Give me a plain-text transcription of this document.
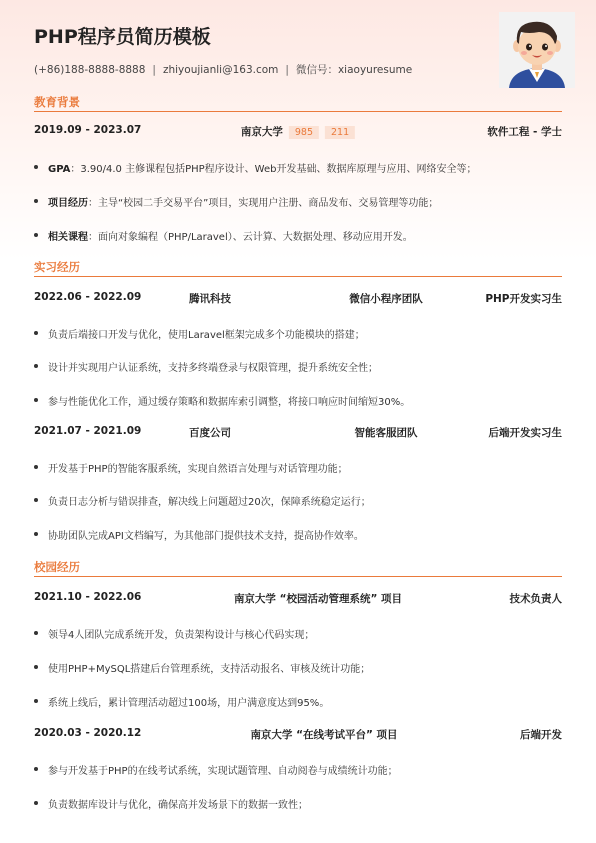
PHP程序员简历模板
(+86)188-8888-8888 | zhiyoujianli@163.com | 微信号：xiaoyuresume
教育背景
2019.09 - 2023.07	南京大学 985 211	软件工程 - 学士
GPA：3.90/4.0 主修课程包括PHP程序设计、Web开发基础、数据库原理与应用、网络安全等；
项目经历：主导“校园二手交易平台”项目，实现用户注册、商品发布、交易管理等功能；
相关课程：面向对象编程（PHP/Laravel）、云计算、大数据处理、移动应用开发。
实习经历
2022.06 - 2022.09	腾讯科技	微信小程序团队	PHP开发实习生
负责后端接口开发与优化，使用Laravel框架完成多个功能模块的搭建；
设计并实现用户认证系统，支持多终端登录与权限管理，提升系统安全性；
参与性能优化工作，通过缓存策略和数据库索引调整，将接口响应时间缩短30%。
2021.07 - 2021.09	百度公司	智能客服团队	后端开发实习生
开发基于PHP的智能客服系统，实现自然语言处理与对话管理功能；
负责日志分析与错误排查，解决线上问题超过20次，保障系统稳定运行；
协助团队完成API文档编写，为其他部门提供技术支持，提高协作效率。
校园经历
2021.10 - 2022.06	南京大学 “校园活动管理系统” 项目	技术负责人
领导4人团队完成系统开发，负责架构设计与核心代码实现；
使用PHP+MySQL搭建后台管理系统，支持活动报名、审核及统计功能；
系统上线后，累计管理活动超过100场，用户满意度达到95%。
2020.03 - 2020.12	南京大学 “在线考试平台” 项目	后端开发
参与开发基于PHP的在线考试系统，实现试题管理、自动阅卷与成绩统计功能；
负责数据库设计与优化，确保高并发场景下的数据一致性；
